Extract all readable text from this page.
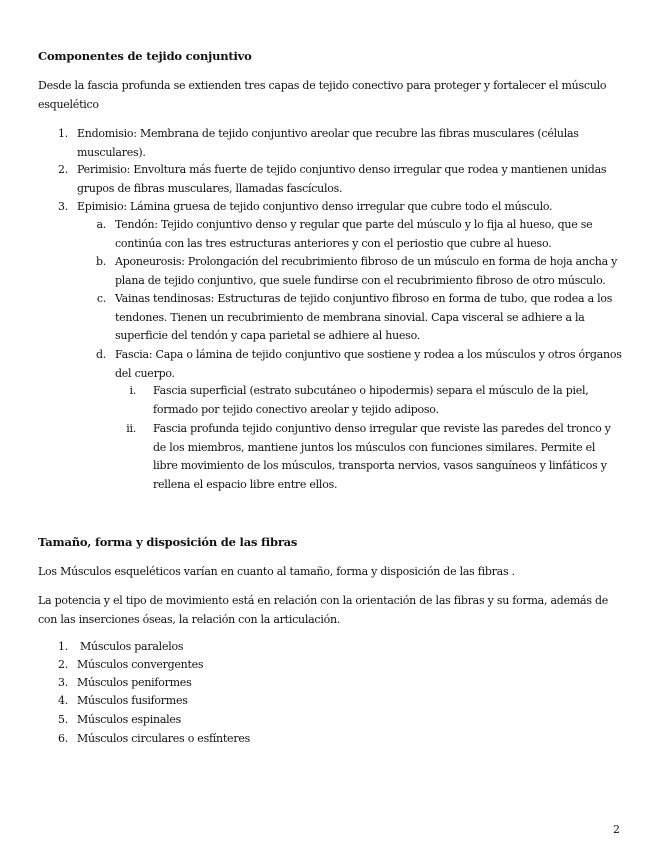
Componentes de tejido conjuntivo

Desde la fascia profunda se extienden tres capas de tejido conectivo para proteger y fortalecer el músculo esquelético

1. Endomisio: Membrana de tejido conjuntivo areolar que recubre las fibras musculares (células musculares).
2. Perimisio: Envoltura más fuerte de tejido conjuntivo denso irregular que rodea y mantienen unidas grupos de fibras musculares, llamadas fascículos.
3. Epimisio: Lámina gruesa de tejido conjuntivo denso irregular que cubre todo el músculo.
a. Tendón: Tejido conjuntivo denso y regular que parte del músculo y lo fija al hueso, que se continúa con las tres estructuras anteriores y con el periostio que cubre al hueso.
b. Aponeurosis: Prolongación del recubrimiento fibroso de un músculo en forma de hoja ancha y plana de tejido conjuntivo, que suele fundirse con el recubrimiento fibroso de otro músculo.
c. Vainas tendinosas: Estructuras de tejido conjuntivo fibroso en forma de tubo, que rodea a los tendones. Tienen un recubrimiento de membrana sinovial. Capa visceral se adhiere a la superficie del tendón y capa parietal se adhiere al hueso.
d. Fascia: Capa o lámina de tejido conjuntivo que sostiene y rodea a los músculos y otros órganos del cuerpo.
i. Fascia superficial (estrato subcutáneo o hipodermis) separa el músculo de la piel, formado por tejido conectivo areolar y tejido adiposo.
ii. Fascia profunda tejido conjuntivo denso irregular que reviste las paredes del tronco y de los miembros, mantiene juntos los músculos con funciones similares. Permite el libre movimiento de los músculos, transporta nervios, vasos sanguíneos y linfáticos y rellena el espacio libre entre ellos.
Tamaño, forma y disposición de las fibras

Los Músculos esqueléticos varían en cuanto al tamaño, forma y disposición de las fibras .

La potencia y el tipo de movimiento está en relación con la orientación de las fibras y su forma, además de con las inserciones óseas, la relación con la articulación.

1. Músculos paralelos
2. Músculos convergentes
3. Músculos peniformes
4. Músculos fusiformes
5. Músculos espinales
6. Músculos circulares o esfínteres
2
